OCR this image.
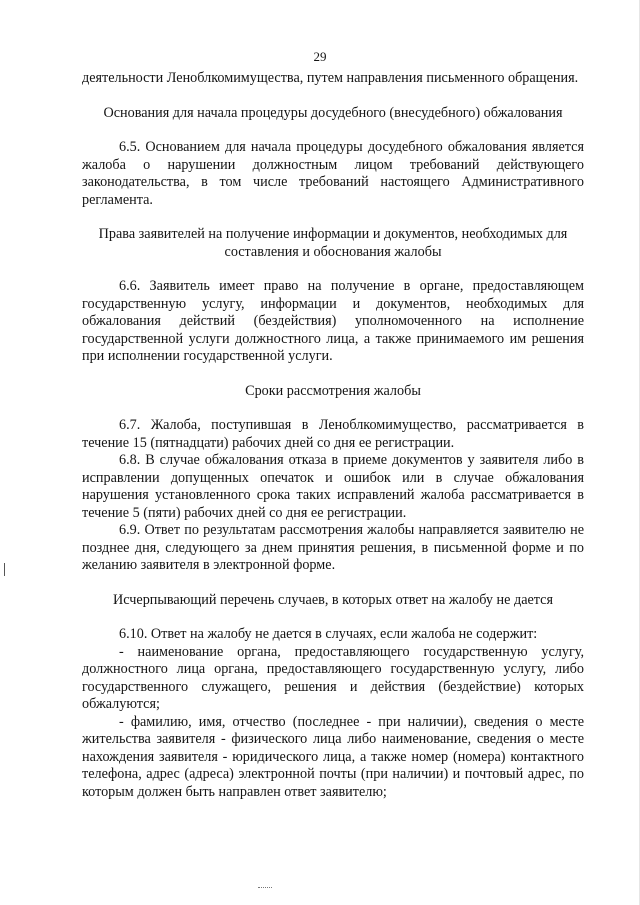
29

деятельности Леноблкомимущества, путем направления письменного обращения.

Основания для начала процедуры досудебного (внесудебного) обжалования

6.5. Основанием для начала процедуры досудебного обжалования является жалоба о нарушении должностным лицом требований действующего законодательства, в том числе требований настоящего Административного регламента.

Права заявителей на получение информации и документов, необходимых для составления и обоснования жалобы

6.6. Заявитель имеет право на получение в органе, предоставляющем государственную услугу, информации и документов, необходимых для обжалования действий (бездействия) уполномоченного на исполнение государственной услуги должностного лица, а также принимаемого им решения при исполнении государственной услуги.

Сроки рассмотрения жалобы

6.7. Жалоба, поступившая в Леноблкомимущество, рассматривается в течение 15 (пятнадцати) рабочих дней со дня ее регистрации.

6.8. В случае обжалования отказа в приеме документов у заявителя либо в исправлении допущенных опечаток и ошибок или в случае обжалования нарушения установленного срока таких исправлений жалоба рассматривается в течение 5 (пяти) рабочих дней со дня ее регистрации.

6.9. Ответ по результатам рассмотрения жалобы направляется заявителю не позднее дня, следующего за днем принятия решения, в письменной форме и по желанию заявителя в электронной форме.

Исчерпывающий перечень случаев, в которых ответ на жалобу не дается

6.10. Ответ на жалобу не дается в случаях, если жалоба не содержит:

- наименование органа, предоставляющего государственную услугу, должностного лица органа, предоставляющего государственную услугу, либо государственного служащего, решения и действия (бездействие) которых обжалуются;

- фамилию, имя, отчество (последнее - при наличии), сведения о месте жительства заявителя - физического лица либо наименование, сведения о месте нахождения заявителя - юридического лица, а также номер (номера) контактного телефона, адрес (адреса) электронной почты (при наличии) и почтовый адрес, по которым должен быть направлен ответ заявителю;
